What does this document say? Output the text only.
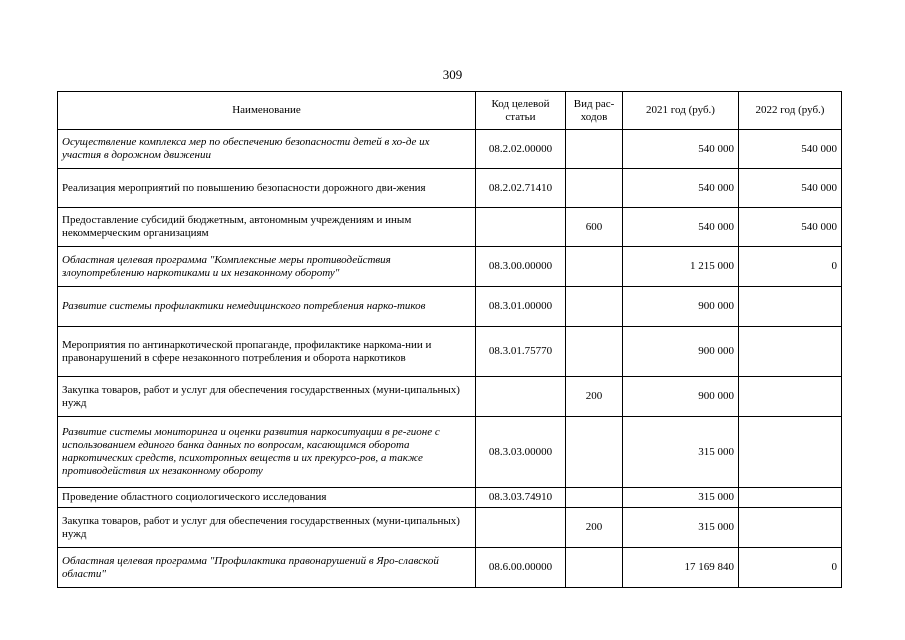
309
Наименование	Код целевой статьи	Вид рас-ходов	2021 год (руб.)	2022 год (руб.)
Осуществление комплекса мер по обеспечению безопасности детей в хо-де их участия в дорожном движении	08.2.02.00000		540 000	540 000
Реализация мероприятий по повышению безопасности дорожного дви-жения	08.2.02.71410		540 000	540 000
Предоставление субсидий бюджетным, автономным учреждениям и иным некоммерческим организациям		600	540 000	540 000
Областная целевая программа "Комплексные меры противодействия злоупотреблению наркотиками и их незаконному обороту"	08.3.00.00000		1 215 000	0
Развитие системы профилактики немедицинского потребления нарко-тиков	08.3.01.00000		900 000	
Мероприятия по антинаркотической пропаганде, профилактике наркома-нии и правонарушений в сфере незаконного потребления и оборота наркотиков	08.3.01.75770		900 000	
Закупка товаров, работ и услуг для обеспечения государственных (муни-ципальных) нужд		200	900 000	
Развитие системы мониторинга и оценки развития наркоситуации в ре-гионе с использованием единого банка данных по вопросам, касающимся оборота наркотических средств, психотропных веществ и их прекурсо-ров, а также противодействия их незаконному обороту	08.3.03.00000		315 000	
Проведение областного социологического исследования	08.3.03.74910		315 000	
Закупка товаров, работ и услуг для обеспечения государственных (муни-ципальных) нужд		200	315 000	
Областная целевая программа "Профилактика правонарушений в Яро-славской области"	08.6.00.00000		17 169 840	0
